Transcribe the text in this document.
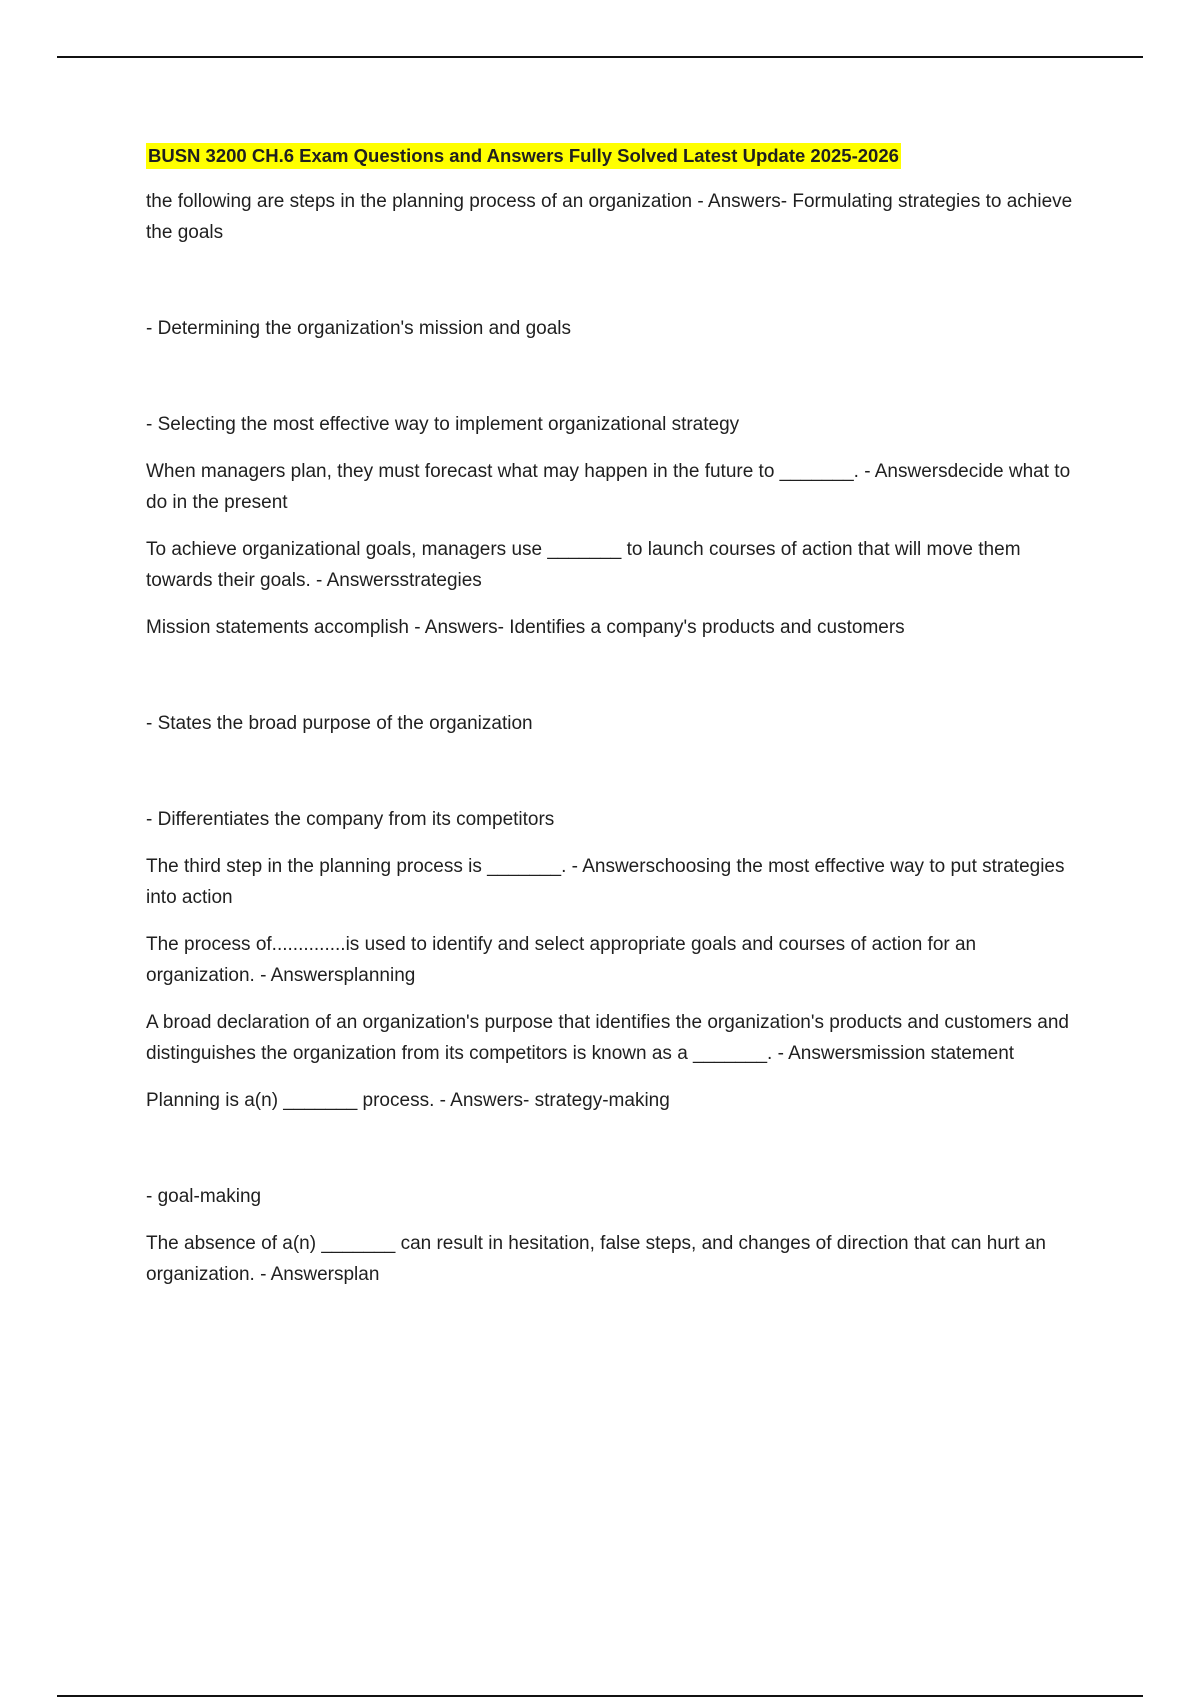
BUSN 3200 CH.6 Exam Questions and Answers Fully Solved Latest Update 2025-2026

the following are steps in the planning process of an organization - Answers- Formulating strategies to achieve the goals

- Determining the organization's mission and goals

- Selecting the most effective way to implement organizational strategy

When managers plan, they must forecast what may happen in the future to _______. - Answersdecide what to do in the present

To achieve organizational goals, managers use _______ to launch courses of action that will move them towards their goals. - Answersstrategies

Mission statements accomplish - Answers- Identifies a company's products and customers

- States the broad purpose of the organization

- Differentiates the company from its competitors

The third step in the planning process is _______. - Answerschoosing the most effective way to put strategies into action

The process of..............is used to identify and select appropriate goals and courses of action for an organization. - Answersplanning

A broad declaration of an organization's purpose that identifies the organization's products and customers and distinguishes the organization from its competitors is known as a _______. - Answersmission statement

Planning is a(n) _______ process. - Answers- strategy-making

- goal-making

The absence of a(n) _______ can result in hesitation, false steps, and changes of direction that can hurt an organization. - Answersplan
